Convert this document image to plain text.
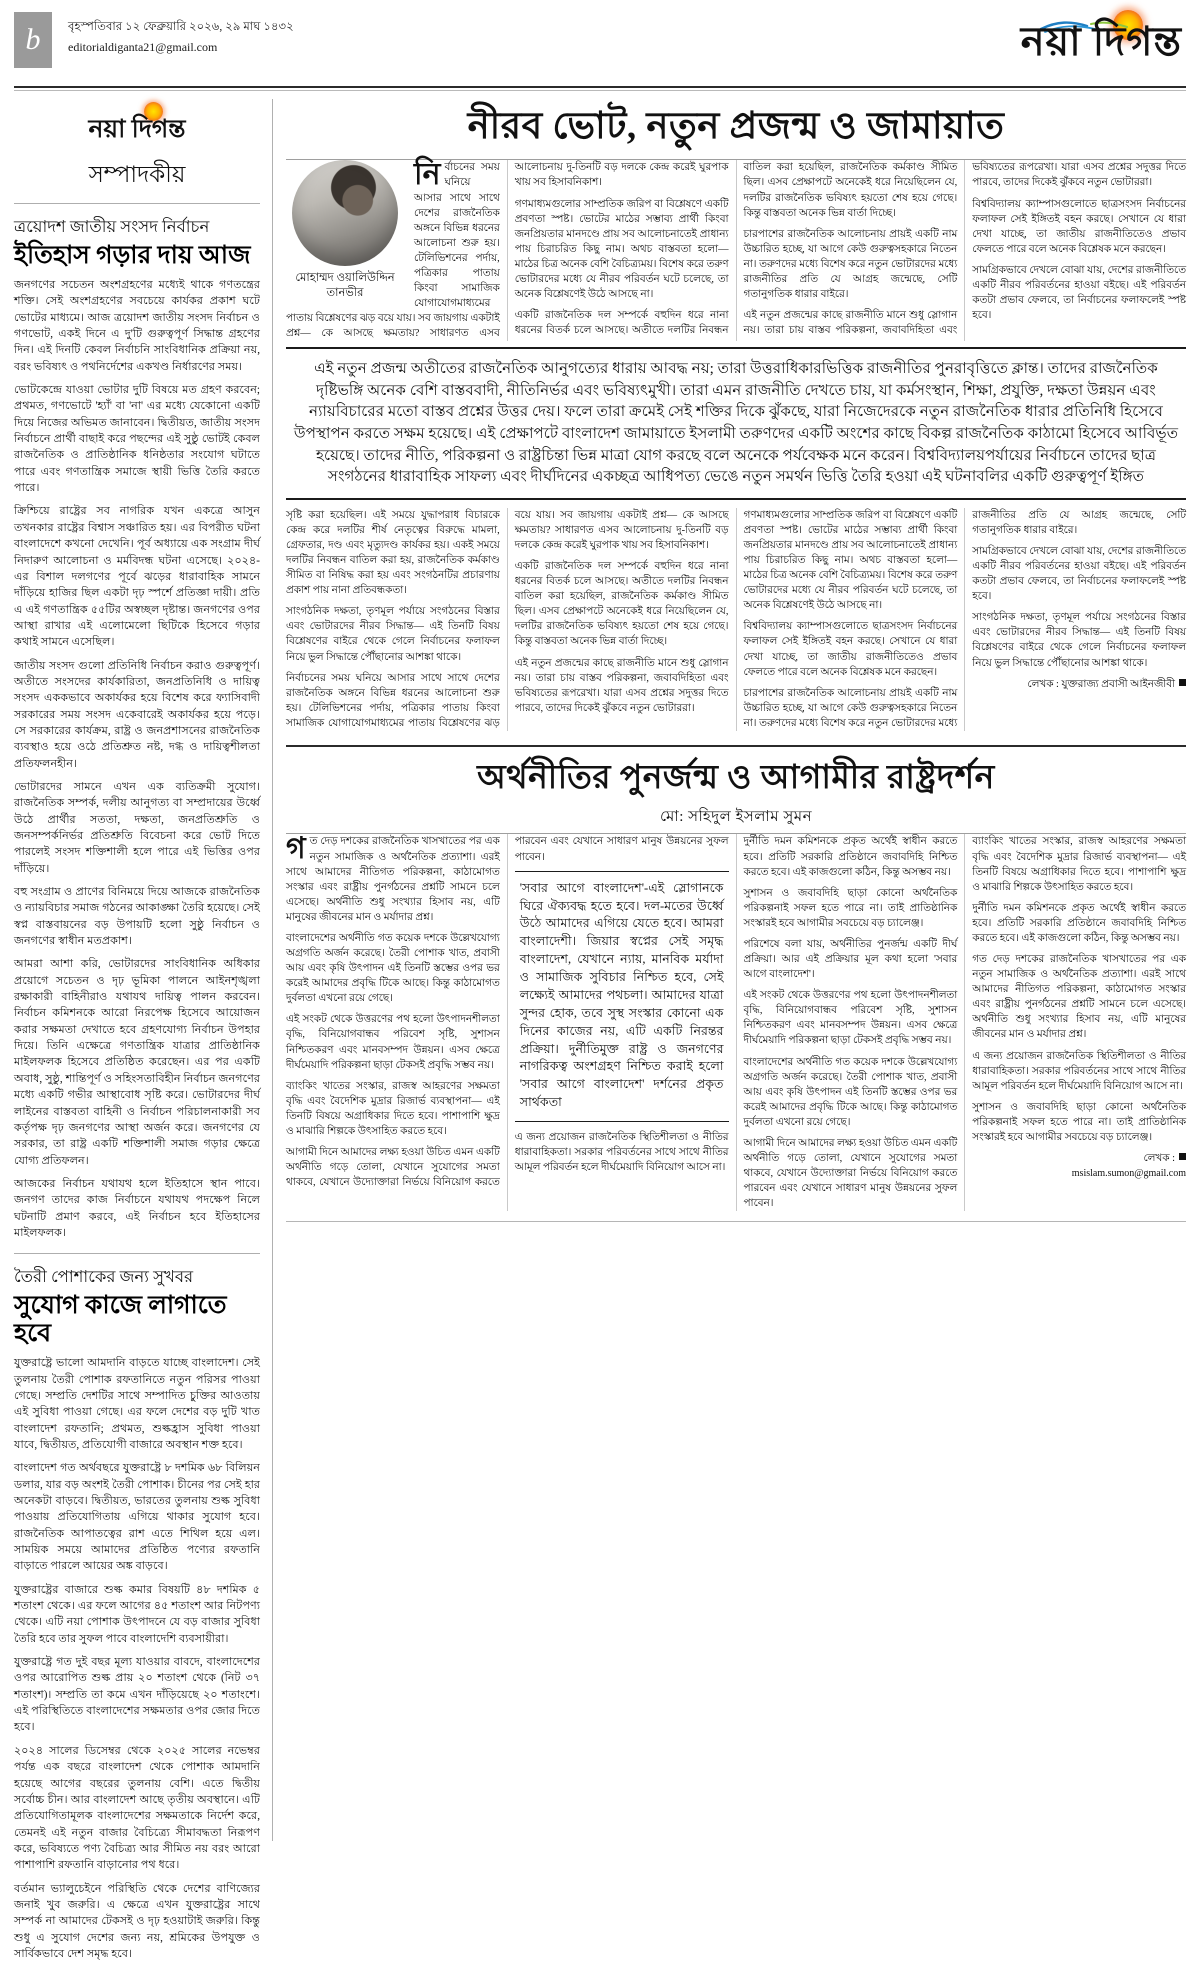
b	বৃহস্পতিবার ১২ ফেব্রুয়ারি ২০২৬, ২৯ মাঘ ১৪৩২
editorialdiganta21@gmail.com	নয়া দিগন্ত
নয়া দিগন্ত
সম্পাদকীয়
ত্রয়োদশ জাতীয় সংসদ নির্বাচন
ইতিহাস গড়ার দায় আজ

জনগণের সচেতন অংশগ্রহণের মধ্যেই থাকে গণতন্ত্রের শক্তি। সেই অংশগ্রহণের সবচেয়ে কার্যকর প্রকাশ ঘটে ভোটের মাধ্যমে। আজ ত্রয়োদশ জাতীয় সংসদ নির্বাচন ও গণভোট, একই দিনে এ দু'টি গুরুত্বপূর্ণ সিদ্ধান্ত গ্রহণের দিন। এই দিনটি কেবল নির্বাচনি সাংবিধানিক প্রক্রিয়া নয়, বরং ভবিষ্যৎ ও পথনির্দেশের একখণ্ড নির্ধারণের সময়।

ভোটকেন্দ্রে যাওয়া ভোটার দুটি বিষয়ে মত গ্রহণ করবেন; প্রথমত, গণভোটে 'হ্যাঁ' বা 'না' এর মধ্যে যেকোনো একটি দিয়ে নিজের অভিমত জানাবেন। দ্বিতীয়ত, জাতীয় সংসদ নির্বাচনে প্রার্থী বাছাই করে পছন্দের এই সুষ্ঠু ভোটই কেবল রাজনৈতিক ও প্রাতিষ্ঠানিক ধনিষ্ঠতার সংযোগ ঘটাতে পারে এবং গণতান্ত্রিক সমাজে স্থায়ী ভিত্তি তৈরি করতে পারে।

ক্রিশ্চিয়ে রাষ্ট্রের সব নাগরিক যখন একত্রে আসুন তখনকার রাষ্ট্রের বিশ্বাস সঞ্চারিত হয়। এর বিপরীত ঘটনা বাংলাদেশে কখনো দেখেনি। পূর্ব অধ্যায়ে এক সংগ্রাম দীর্ঘ নিদারুণ আলোচনা ও মর্মবিদন্ধ ঘটনা এসেছে। ২০২৪-এর বিশাল দলগণের পূর্বে ঝড়ের ধারাবাহিক সামনে দাঁড়িয়ে হাজির ছিল একটা দৃঢ় স্পর্শে প্রতিজ্ঞা দায়ী। প্রতি এ এই গণতান্ত্রিক ৫৫টির অস্বচ্ছল দৃষ্টান্ত। জনগণের ওপর আস্থা রাখার এই এলোমেলো ছিটিকে হিসেবে গড়ার কথাই সামনে এসেছিল।

জাতীয় সংসদ গুলো প্রতিনিধি নির্বাচন করাও গুরুত্বপূর্ণ। অতীতে সংসদের কার্যকারিতা, জনপ্রতিনিধি ও দায়িত্ব সংসদ এককভাবে অকার্যকর হয়ে বিশেষ করে ফ্যাসিবাদী সরকারের সময় সংসদ একেবারেই অকার্যকর হয়ে পড়ে। সে সরকারের কার্যক্রম, রাষ্ট্র ও জনপ্রশাসনের রাজনৈতিক ব্যবস্থাও হয়ে ওঠে প্রতিশ্রুত নষ্ট, দগ্ধ ও দায়িত্বশীলতা প্রতিফলনহীন।

ভোটারদের সামনে এখন এক ব্যতিক্রমী সুযোগ। রাজনৈতিক সম্পর্ক, দলীয় আনুগত্য বা সম্প্রদায়ের উর্ধ্বে উঠে প্রার্থীর সততা, দক্ষতা, জনপ্রতিশ্রুতি ও জনসম্পর্কনির্ভর প্রতিশ্রুতি বিবেচনা করে ভোট দিতে পারলেই সংসদ শক্তিশালী হলে পারে এই ভিত্তির ওপর দাঁড়িয়ে।

বহু সংগ্রাম ও প্রাণের বিনিময়ে দিয়ে আজকে রাজনৈতিক ও ন্যায়বিচার সমাজ গঠনের আকাঙ্ক্ষা তৈরি হয়েছে। সেই স্বপ্ন বাস্তবায়নের বড় উপায়টি হলো সুষ্ঠু নির্বাচন ও জনগণের স্বাধীন মতপ্রকাশ।

আমরা আশা করি, ভোটারদের সাংবিধানিক অধিকার প্রয়োগে সচেতন ও দৃঢ় ভূমিকা পালনে আইনশৃঙ্খলা রক্ষাকারী বাহিনীরাও যথাযথ দায়িত্ব পালন করবেন। নির্বাচন কমিশনকে আরো নিরপেক্ষ হিসেবে আয়োজন করার সক্ষমতা দেখাতে হবে গ্রহণযোগ্য নির্বাচন উপহার দিয়ে। তিনি এক্ষেত্রে গণতান্ত্রিক যাত্রার প্রাতিষ্ঠানিক মাইলফলক হিসেবে প্রতিষ্ঠিত করেছেন। এর পর একটি অবাধ, সুষ্ঠু, শান্তিপূর্ণ ও সহিংসতাবিহীন নির্বাচন জনগণের মধ্যে একটি গভীর আস্থাবোধ সৃষ্টি করে। ভোটারদের দীর্ঘ লাইনের বাস্তবতা বাহিনী ও নির্বাচন পরিচালনাকারী সব কর্তৃপক্ষ দৃঢ় জনগণের আস্থা অর্জন করে। জনগণের যে সরকার, তা রাষ্ট্র একটি শক্তিশালী সমাজ গড়ার ক্ষেত্রে যোগ্য প্রতিফলন।

আজকের নির্বাচন যথাযথ হলে ইতিহাসে স্থান পাবে। জনগণ তাদের কাজ নির্বাচনে যথাযথ পদক্ষেপ নিলে ঘটনাটি প্রমাণ করবে, এই নির্বাচন হবে ইতিহাসের মাইলফলক।

তৈরী পোশাকের জন্য সুখবর
সুযোগ কাজে লাগাতে হবে

যুক্তরাষ্ট্রে ভালো আমদানি বাড়তে যাচ্ছে বাংলাদেশ। সেই তুলনায় তৈরী পোশাক রফতানিতে নতুন পরিসর পাওয়া গেছে। সম্প্রতি দেশটির সাথে সম্পাদিত চুক্তির আওতায় এই সুবিধা পাওয়া গেছে। এর ফলে দেশের বড় দুটি খাত বাংলাদেশ রফতানি; প্রথমত, শুল্কহ্রাস সুবিধা পাওয়া যাবে, দ্বিতীয়ত, প্রতিযোগী বাজারে অবস্থান শক্ত হবে।

বাংলাদেশ গত অর্থবছরে যুক্তরাষ্ট্রে ৮ দশমিক ৬৮ বিলিয়ন ডলার, যার বড় অংশই তৈরী পোশাক। চীনের পর সেই হার অনেকটা বাড়বে। দ্বিতীয়ত, ভারতের তুলনায় শুল্ক সুবিধা পাওয়ায় প্রতিযোগিতায় এগিয়ে থাকার সুযোগ হবে। রাজনৈতিক আপাতত্বের রাশ এতে শিথিল হয়ে এল। সাময়িক সময়ে আমাদের প্রতিষ্ঠিত পণ্যের রফতানি বাড়াতে পারলে আয়ের অঙ্ক বাড়বে।

যুক্তরাষ্ট্রের বাজারে শুল্ক কমার বিষয়টি ৪৮ দশমিক ৫ শতাংশ থেকে। এর ফলে আগের ৪৫ শতাংশ আর নিটপণ্য থেকে। এটি নয়া পোশাক উৎপাদনে যে বড় বাজার সুবিধা তৈরি হবে তার সুফল পাবে বাংলাদেশি ব্যবসায়ীরা।

যুক্তরাষ্ট্রে গত দুই বছর মূল্য যাওয়ার বাবদে, বাংলাদেশের ওপর আরোপিত শুল্ক প্রায় ২০ শতাংশ থেকে (নিট ৩৭ শতাংশ)। সম্প্রতি তা কমে এখন দাঁড়িয়েছে ২০ শতাংশে। এই পরিস্থিতিতে বাংলাদেশের সক্ষমতার ওপর জোর দিতে হবে।

২০২৪ সালের ডিসেম্বর থেকে ২০২৫ সালের নভেম্বর পর্যন্ত এক বছরে বাংলাদেশ থেকে পোশাক আমদানি হয়েছে আগের বছরের তুলনায় বেশি। এতে দ্বিতীয় সর্বোচ্চ চীন। আর বাংলাদেশ আছে তৃতীয় অবস্থানে। এটি প্রতিযোগিতামূলক বাংলাদেশের সক্ষমতাকে নির্দেশ করে, তেমনই এই নতুন বাজার বৈচিত্র্যে সীমাবদ্ধতা নিরূপণ করে, ভবিষ্যতে পণ্য বৈচিত্র্য আর সীমিত নয় বরং আরো পাশাপাশি রফতানি বাড়ানোর পথ ধরে।

বর্তমান ভ্যালুচেইনে পরিস্থিতি থেকে দেশের বাণিজ্যের জনাই খুব জরুরি। এ ক্ষেত্রে এখন যুক্তরাষ্ট্রের সাথে সম্পর্ক না আমাদের টেকসই ও দৃঢ় হওয়াটাই জরুরি। কিন্তু শুধু এ সুযোগ দেশের জন্য নয়, শ্রমিকের উপযুক্ত ও সার্বিকভাবে দেশ সমৃদ্ধ হবে।

নীরব ভোট, নতুন প্রজন্ম ও জামায়াত
মোহাম্মদ ওয়ালিউদ্দিন তানভীর

নির্বাচনের সময় ঘনিয়ে আসার সাথে সাথে দেশের রাজনৈতিক অঙ্গনে বিভিন্ন ধরনের আলোচনা শুরু হয়। টেলিভিশনের পর্দায়, পত্রিকার পাতায় কিংবা সামাজিক যোগাযোগমাধ্যমের পাতায় বিশ্লেষণের ঝড় বয়ে যায়। সব জায়গায় একটাই প্রশ্ন— কে আসছে ক্ষমতায়? সাধারণত এসব আলোচনায় দু-তিনটি বড় দলকে কেন্দ্র করেই ঘুরপাক খায় সব হিসাবনিকাশ।

গণমাধ্যমগুলোর সাম্প্রতিক জরিপ বা বিশ্লেষণে একটি প্রবণতা স্পষ্ট। ভোটের মাঠের সম্ভাব্য প্রার্থী কিংবা জনপ্রিয়তার মানদণ্ডে প্রায় সব আলোচনাতেই প্রাধান্য পায় চিরাচরিত কিছু নাম। অথচ বাস্তবতা হলো— মাঠের চিত্র অনেক বেশি বৈচিত্র্যময়। বিশেষ করে তরুণ ভোটারদের মধ্যে যে নীরব পরিবর্তন ঘটে চলেছে, তা অনেক বিশ্লেষণেই উঠে আসছে না।

একটি রাজনৈতিক দল সম্পর্কে বহুদিন ধরে নানা ধরনের বিতর্ক চলে আসছে। অতীতে দলটির নিবন্ধন বাতিল করা হয়েছিল, রাজনৈতিক কর্মকাণ্ড সীমিত ছিল। এসব প্রেক্ষাপটে অনেকেই ধরে নিয়েছিলেন যে, দলটির রাজনৈতিক ভবিষ্যৎ হয়তো শেষ হয়ে গেছে। কিন্তু বাস্তবতা অনেক ভিন্ন বার্তা দিচ্ছে।

চারপাশের রাজনৈতিক আলোচনায় প্রায়ই একটি নাম উচ্চারিত হচ্ছে, যা আগে কেউ গুরুত্বসহকারে নিতেন না। তরুণদের মধ্যে বিশেষ করে নতুন ভোটারদের মধ্যে রাজনীতির প্রতি যে আগ্রহ জন্মেছে, সেটি গতানুগতিক ধারার বাইরে।

এই নতুন প্রজন্মের কাছে রাজনীতি মানে শুধু স্লোগান নয়। তারা চায় বাস্তব পরিকল্পনা, জবাবদিহিতা এবং ভবিষ্যতের রূপরেখা। যারা এসব প্রশ্নের সদুত্তর দিতে পারবে, তাদের দিকেই ঝুঁকবে নতুন ভোটাররা।

বিশ্ববিদ্যালয় ক্যাম্পাসগুলোতে ছাত্রসংসদ নির্বাচনের ফলাফল সেই ইঙ্গিতই বহন করছে। সেখানে যে ধারা দেখা যাচ্ছে, তা জাতীয় রাজনীতিতেও প্রভাব ফেলতে পারে বলে অনেক বিশ্লেষক মনে করছেন।

সামগ্রিকভাবে দেখলে বোঝা যায়, দেশের রাজনীতিতে একটি নীরব পরিবর্তনের হাওয়া বইছে। এই পরিবর্তন কতটা প্রভাব ফেলবে, তা নির্বাচনের ফলাফলেই স্পষ্ট হবে।

এই নতুন প্রজন্ম অতীতের রাজনৈতিক আনুগত্যের ধারায় আবদ্ধ নয়; তারা উত্তরাধিকারভিত্তিক রাজনীতির পুনরাবৃত্তিতে ক্লান্ত। তাদের রাজনৈতিক দৃষ্টিভঙ্গি অনেক বেশি বাস্তববাদী, নীতিনির্ভর এবং ভবিষ্যৎমুখী। তারা এমন রাজনীতি দেখতে চায়, যা কর্মসংস্থান, শিক্ষা, প্রযুক্তি, দক্ষতা উন্নয়ন এবং ন্যায়বিচারের মতো বাস্তব প্রশ্নের উত্তর দেয়। ফলে তারা ক্রমেই সেই শক্তির দিকে ঝুঁকছে, যারা নিজেদেরকে নতুন রাজনৈতিক ধারার প্রতিনিধি হিসেবে উপস্থাপন করতে সক্ষম হয়েছে। এই প্রেক্ষাপটে বাংলাদেশ জামায়াতে ইসলামী তরুণদের একটি অংশের কাছে বিকল্প রাজনৈতিক কাঠামো হিসেবে আবির্ভূত হয়েছে। তাদের নীতি, পরিকল্পনা ও রাষ্ট্রচিন্তা ভিন্ন মাত্রা যোগ করছে বলে অনেকে পর্যবেক্ষক মনে করেন। বিশ্ববিদ্যালয়পর্যায়ের নির্বাচনে তাদের ছাত্র সংগঠনের ধারাবাহিক সাফল্য এবং দীর্ঘদিনের একচ্ছত্র আধিপত্য ভেঙে নতুন সমর্থন ভিত্তি তৈরি হওয়া এই ঘটনাবলির একটি গুরুত্বপূর্ণ ইঙ্গিত

সৃষ্টি করা হয়েছিল। এই সময়ে যুদ্ধাপরাধ বিচারকে কেন্দ্র করে দলটির শীর্ষ নেতৃত্বের বিরুদ্ধে মামলা, গ্রেফতার, দণ্ড এবং মৃত্যুদণ্ড কার্যকর হয়। একই সময়ে দলটির নিবন্ধন বাতিল করা হয়, রাজনৈতিক কর্মকাণ্ড সীমিত বা নিষিদ্ধ করা হয় এবং সংগঠনটির প্রচারণায় প্রকাশ পায় নানা প্রতিবন্ধকতা।

সাংগঠনিক দক্ষতা, তৃণমূল পর্যায়ে সংগঠনের বিস্তার এবং ভোটারদের নীরব সিদ্ধান্ত— এই তিনটি বিষয় বিশ্লেষণের বাইরে থেকে গেলে নির্বাচনের ফলাফল নিয়ে ভুল সিদ্ধান্তে পৌঁছানোর আশঙ্কা থাকে।

নির্বাচনের সময় ঘনিয়ে আসার সাথে সাথে দেশের রাজনৈতিক অঙ্গনে বিভিন্ন ধরনের আলোচনা শুরু হয়। টেলিভিশনের পর্দায়, পত্রিকার পাতায় কিংবা সামাজিক যোগাযোগমাধ্যমের পাতায় বিশ্লেষণের ঝড় বয়ে যায়। সব জায়গায় একটাই প্রশ্ন— কে আসছে ক্ষমতায়? সাধারণত এসব আলোচনায় দু-তিনটি বড় দলকে কেন্দ্র করেই ঘুরপাক খায় সব হিসাবনিকাশ।

একটি রাজনৈতিক দল সম্পর্কে বহুদিন ধরে নানা ধরনের বিতর্ক চলে আসছে। অতীতে দলটির নিবন্ধন বাতিল করা হয়েছিল, রাজনৈতিক কর্মকাণ্ড সীমিত ছিল। এসব প্রেক্ষাপটে অনেকেই ধরে নিয়েছিলেন যে, দলটির রাজনৈতিক ভবিষ্যৎ হয়তো শেষ হয়ে গেছে। কিন্তু বাস্তবতা অনেক ভিন্ন বার্তা দিচ্ছে।

এই নতুন প্রজন্মের কাছে রাজনীতি মানে শুধু স্লোগান নয়। তারা চায় বাস্তব পরিকল্পনা, জবাবদিহিতা এবং ভবিষ্যতের রূপরেখা। যারা এসব প্রশ্নের সদুত্তর দিতে পারবে, তাদের দিকেই ঝুঁকবে নতুন ভোটাররা।

গণমাধ্যমগুলোর সাম্প্রতিক জরিপ বা বিশ্লেষণে একটি প্রবণতা স্পষ্ট। ভোটের মাঠের সম্ভাব্য প্রার্থী কিংবা জনপ্রিয়তার মানদণ্ডে প্রায় সব আলোচনাতেই প্রাধান্য পায় চিরাচরিত কিছু নাম। অথচ বাস্তবতা হলো— মাঠের চিত্র অনেক বেশি বৈচিত্র্যময়। বিশেষ করে তরুণ ভোটারদের মধ্যে যে নীরব পরিবর্তন ঘটে চলেছে, তা অনেক বিশ্লেষণেই উঠে আসছে না।

বিশ্ববিদ্যালয় ক্যাম্পাসগুলোতে ছাত্রসংসদ নির্বাচনের ফলাফল সেই ইঙ্গিতই বহন করছে। সেখানে যে ধারা দেখা যাচ্ছে, তা জাতীয় রাজনীতিতেও প্রভাব ফেলতে পারে বলে অনেক বিশ্লেষক মনে করছেন।

চারপাশের রাজনৈতিক আলোচনায় প্রায়ই একটি নাম উচ্চারিত হচ্ছে, যা আগে কেউ গুরুত্বসহকারে নিতেন না। তরুণদের মধ্যে বিশেষ করে নতুন ভোটারদের মধ্যে রাজনীতির প্রতি যে আগ্রহ জন্মেছে, সেটি গতানুগতিক ধারার বাইরে।

সামগ্রিকভাবে দেখলে বোঝা যায়, দেশের রাজনীতিতে একটি নীরব পরিবর্তনের হাওয়া বইছে। এই পরিবর্তন কতটা প্রভাব ফেলবে, তা নির্বাচনের ফলাফলেই স্পষ্ট হবে।

সাংগঠনিক দক্ষতা, তৃণমূল পর্যায়ে সংগঠনের বিস্তার এবং ভোটারদের নীরব সিদ্ধান্ত— এই তিনটি বিষয় বিশ্লেষণের বাইরে থেকে গেলে নির্বাচনের ফলাফল নিয়ে ভুল সিদ্ধান্তে পৌঁছানোর আশঙ্কা থাকে।

লেখক : যুক্তরাজ্য প্রবাসী আইনজীবী
অর্থনীতির পুনর্জন্ম ও আগামীর রাষ্ট্রদর্শন
মো: সহিদুল ইসলাম সুমন

গত দেড় দশকের রাজনৈতিক খাসখাতের পর এক নতুন সামাজিক ও অর্থনৈতিক প্রত্যাশা। এরই সাথে আমাদের নীতিগত পরিকল্পনা, কাঠামোগত সংস্কার এবং রাষ্ট্রীয় পুনর্গঠনের প্রশ্নটি সামনে চলে এসেছে। অর্থনীতি শুধু সংখ্যার হিসাব নয়, এটি মানুষের জীবনের মান ও মর্যাদার প্রশ্ন।

বাংলাদেশের অর্থনীতি গত কয়েক দশকে উল্লেখযোগ্য অগ্রগতি অর্জন করেছে। তৈরী পোশাক খাত, প্রবাসী আয় এবং কৃষি উৎপাদন এই তিনটি স্তম্ভের ওপর ভর করেই আমাদের প্রবৃদ্ধি টিকে আছে। কিন্তু কাঠামোগত দুর্বলতা এখনো রয়ে গেছে।

এই সংকট থেকে উত্তরণের পথ হলো উৎপাদনশীলতা বৃদ্ধি, বিনিয়োগবান্ধব পরিবেশ সৃষ্টি, সুশাসন নিশ্চিতকরণ এবং মানবসম্পদ উন্নয়ন। এসব ক্ষেত্রে দীর্ঘমেয়াদি পরিকল্পনা ছাড়া টেকসই প্রবৃদ্ধি সম্ভব নয়।

ব্যাংকিং খাতের সংস্কার, রাজস্ব আহরণের সক্ষমতা বৃদ্ধি এবং বৈদেশিক মুদ্রার রিজার্ভ ব্যবস্থাপনা— এই তিনটি বিষয়ে অগ্রাধিকার দিতে হবে। পাশাপাশি ক্ষুদ্র ও মাঝারি শিল্পকে উৎসাহিত করতে হবে।

আগামী দিনে আমাদের লক্ষ্য হওয়া উচিত এমন একটি অর্থনীতি গড়ে তোলা, যেখানে সুযোগের সমতা থাকবে, যেখানে উদ্যোক্তারা নির্ভয়ে বিনিয়োগ করতে পারবেন এবং যেখানে সাধারণ মানুষ উন্নয়নের সুফল পাবেন।

'সবার আগে বাংলাদেশ'-এই স্লোগানকে ঘিরে ঐক্যবদ্ধ হতে হবে। দল-মতের উর্ধ্বে উঠে আমাদের এগিয়ে যেতে হবে। আমরা বাংলাদেশী। জিয়ার স্বপ্নের সেই সমৃদ্ধ বাংলাদেশ, যেখানে ন্যায়, মানবিক মর্যাদা ও সামাজিক সুবিচার নিশ্চিত হবে, সেই লক্ষ্যেই আমাদের পথচলা। আমাদের যাত্রা সুন্দর হোক, তবে সুস্থ সংস্কার কোনো এক দিনের কাজের নয়, এটি একটি নিরন্তর প্রক্রিয়া। দুর্নীতিমুক্ত রাষ্ট্র ও জনগণের নাগরিকত্ব অংশগ্রহণ নিশ্চিত করাই হলো 'সবার আগে বাংলাদেশ' দর্শনের প্রকৃত সার্থকতা

এ জন্য প্রয়োজন রাজনৈতিক স্থিতিশীলতা ও নীতির ধারাবাহিকতা। সরকার পরিবর্তনের সাথে সাথে নীতির আমূল পরিবর্তন হলে দীর্ঘমেয়াদি বিনিয়োগ আসে না।

দুর্নীতি দমন কমিশনকে প্রকৃত অর্থেই স্বাধীন করতে হবে। প্রতিটি সরকারি প্রতিষ্ঠানে জবাবদিহি নিশ্চিত করতে হবে। এই কাজগুলো কঠিন, কিন্তু অসম্ভব নয়।

সুশাসন ও জবাবদিহি ছাড়া কোনো অর্থনৈতিক পরিকল্পনাই সফল হতে পারে না। তাই প্রাতিষ্ঠানিক সংস্কারই হবে আগামীর সবচেয়ে বড় চ্যালেঞ্জ।

পরিশেষে বলা যায়, অর্থনীতির পুনর্জন্ম একটি দীর্ঘ প্রক্রিয়া। আর এই প্রক্রিয়ার মূল কথা হলো 'সবার আগে বাংলাদেশ'।

এই সংকট থেকে উত্তরণের পথ হলো উৎপাদনশীলতা বৃদ্ধি, বিনিয়োগবান্ধব পরিবেশ সৃষ্টি, সুশাসন নিশ্চিতকরণ এবং মানবসম্পদ উন্নয়ন। এসব ক্ষেত্রে দীর্ঘমেয়াদি পরিকল্পনা ছাড়া টেকসই প্রবৃদ্ধি সম্ভব নয়।

বাংলাদেশের অর্থনীতি গত কয়েক দশকে উল্লেখযোগ্য অগ্রগতি অর্জন করেছে। তৈরী পোশাক খাত, প্রবাসী আয় এবং কৃষি উৎপাদন এই তিনটি স্তম্ভের ওপর ভর করেই আমাদের প্রবৃদ্ধি টিকে আছে। কিন্তু কাঠামোগত দুর্বলতা এখনো রয়ে গেছে।

আগামী দিনে আমাদের লক্ষ্য হওয়া উচিত এমন একটি অর্থনীতি গড়ে তোলা, যেখানে সুযোগের সমতা থাকবে, যেখানে উদ্যোক্তারা নির্ভয়ে বিনিয়োগ করতে পারবেন এবং যেখানে সাধারণ মানুষ উন্নয়নের সুফল পাবেন।

ব্যাংকিং খাতের সংস্কার, রাজস্ব আহরণের সক্ষমতা বৃদ্ধি এবং বৈদেশিক মুদ্রার রিজার্ভ ব্যবস্থাপনা— এই তিনটি বিষয়ে অগ্রাধিকার দিতে হবে। পাশাপাশি ক্ষুদ্র ও মাঝারি শিল্পকে উৎসাহিত করতে হবে।

দুর্নীতি দমন কমিশনকে প্রকৃত অর্থেই স্বাধীন করতে হবে। প্রতিটি সরকারি প্রতিষ্ঠানে জবাবদিহি নিশ্চিত করতে হবে। এই কাজগুলো কঠিন, কিন্তু অসম্ভব নয়।

গত দেড় দশকের রাজনৈতিক খাসখাতের পর এক নতুন সামাজিক ও অর্থনৈতিক প্রত্যাশা। এরই সাথে আমাদের নীতিগত পরিকল্পনা, কাঠামোগত সংস্কার এবং রাষ্ট্রীয় পুনর্গঠনের প্রশ্নটি সামনে চলে এসেছে। অর্থনীতি শুধু সংখ্যার হিসাব নয়, এটি মানুষের জীবনের মান ও মর্যাদার প্রশ্ন।

এ জন্য প্রয়োজন রাজনৈতিক স্থিতিশীলতা ও নীতির ধারাবাহিকতা। সরকার পরিবর্তনের সাথে সাথে নীতির আমূল পরিবর্তন হলে দীর্ঘমেয়াদি বিনিয়োগ আসে না।

সুশাসন ও জবাবদিহি ছাড়া কোনো অর্থনৈতিক পরিকল্পনাই সফল হতে পারে না। তাই প্রাতিষ্ঠানিক সংস্কারই হবে আগামীর সবচেয়ে বড় চ্যালেঞ্জ।

লেখক :
msislam.sumon@gmail.com
